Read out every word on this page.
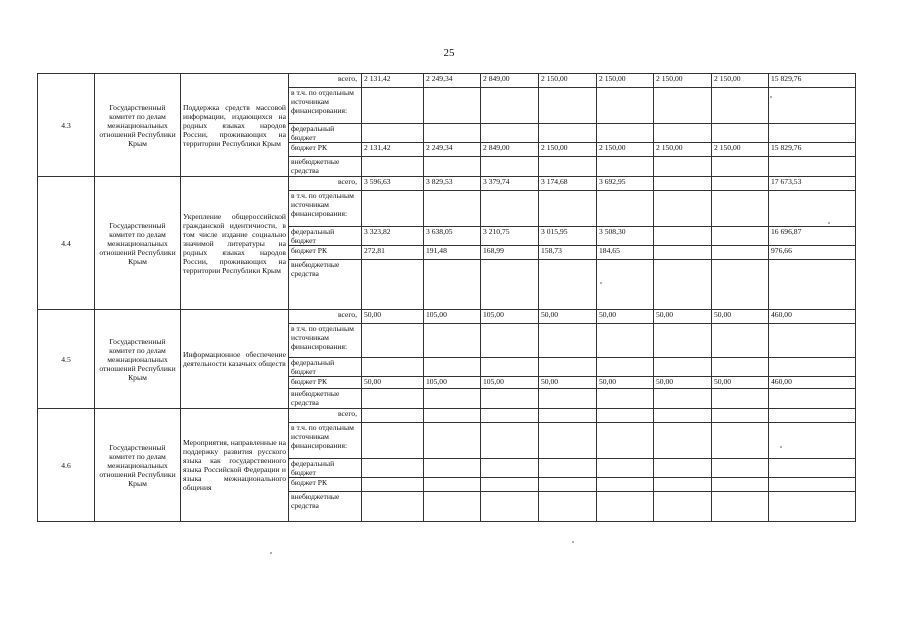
25
4.3	Государственный комитет по делам межнациональных отношений Республики Крым	Поддержка средств массовой информации, издающихся на родных языках народов России, проживающих на территории Республики Крым	всего,	2 131,42	2 249,34	2 849,00	2 150,00	2 150,00	2 150,00	2 150,00	15 829,76
			в т.ч. по отдельным источникам финансирования:								
			федеральный бюджет								
			бюджет РК	2 131,42	2 249,34	2 849,00	2 150,00	2 150,00	2 150,00	2 150,00	15 829,76
			внебюджетные средства								
4.4	Государственный комитет по делам межнациональных отношений Республики Крым	Укрепление общероссийской гражданской идентичности, в том числе издание социально значимой литературы на родных языках народов России, проживающих на территории Республики Крым	всего,	3 596,63	3 829,53	3 379,74	3 174,68	3 692,95			17 673,53
			в т.ч. по отдельным источникам финансирования:								
			федеральный бюджет	3 323,82	3 638,05	3 210,75	3 015,95	3 508,30			16 696,87
			бюджет РК	272,81	191,48	168,99	158,73	184,65			976,66
			внебюджетные средства								
4.5	Государственный комитет по делам межнациональных отношений Республики Крым	Информационное обеспечение деятельности казачьих обществ	всего,	50,00	105,00	105,00	50,00	50,00	50,00	50,00	460,00
			в т.ч. по отдельным источникам финансирования:								
			федеральный бюджет								
			бюджет РК	50,00	105,00	105,00	50,00	50,00	50,00	50,00	460,00
			внебюджетные средства								
4.6	Государственный комитет по делам межнациональных отношений Республики Крым	Мероприятия, направленные на поддержку развития русского языка как государственного языка Российской Федерации и языка межнационального общения	всего,								
			в т.ч. по отдельным источникам финансирования:								
			федеральный бюджет								
			бюджет РК								
			внебюджетные средства								
